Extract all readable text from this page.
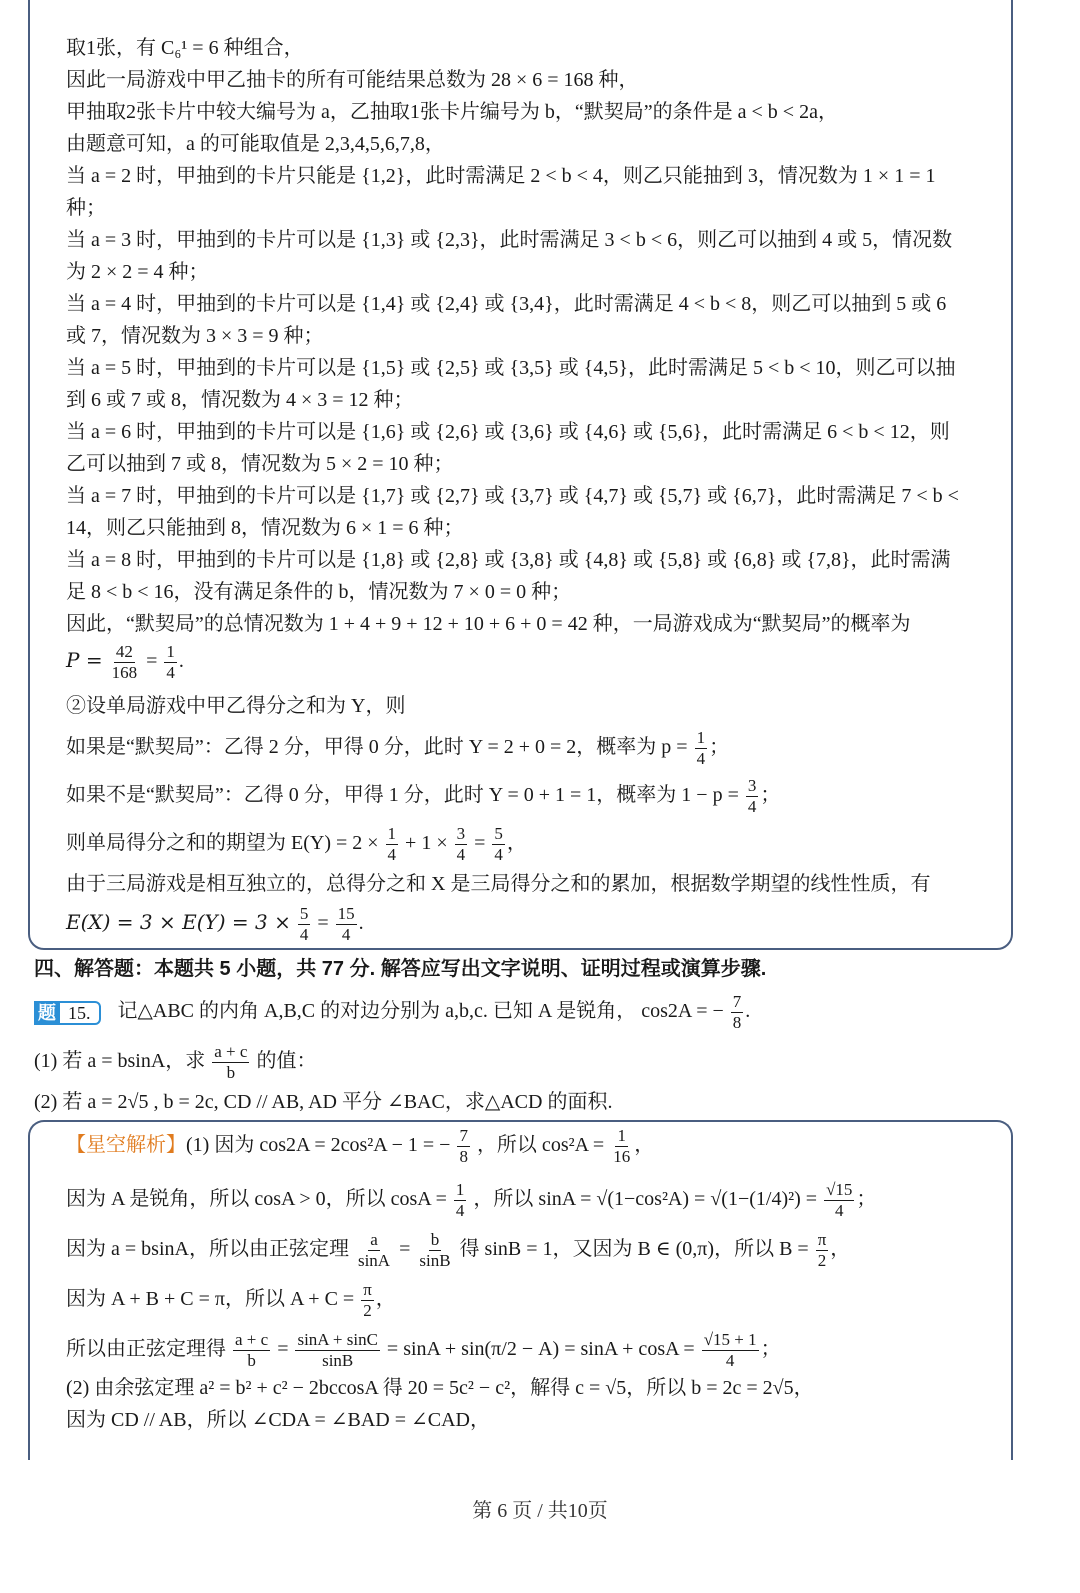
取1张，有 C₆¹ = 6 种组合，
因此一局游戏中甲乙抽卡的所有可能结果总数为 28 × 6 = 168 种，
甲抽取2张卡片中较大编号为 a，乙抽取1张卡片编号为 b，“默契局”的条件是 a < b < 2a，
由题意可知，a 的可能取值是 2,3,4,5,6,7,8，
当 a = 2 时，甲抽到的卡片只能是 {1,2}，此时需满足 2 < b < 4，则乙只能抽到 3，情况数为 1 × 1 = 1
种；
当 a = 3 时，甲抽到的卡片可以是 {1,3} 或 {2,3}，此时需满足 3 < b < 6，则乙可以抽到 4 或 5，情况数
为 2 × 2 = 4 种；
当 a = 4 时，甲抽到的卡片可以是 {1,4} 或 {2,4} 或 {3,4}，此时需满足 4 < b < 8，则乙可以抽到 5 或 6
或 7，情况数为 3 × 3 = 9 种；
当 a = 5 时，甲抽到的卡片可以是 {1,5} 或 {2,5} 或 {3,5} 或 {4,5}，此时需满足 5 < b < 10，则乙可以抽
到 6 或 7 或 8，情况数为 4 × 3 = 12 种；
当 a = 6 时，甲抽到的卡片可以是 {1,6} 或 {2,6} 或 {3,6} 或 {4,6} 或 {5,6}，此时需满足 6 < b < 12，则
乙可以抽到 7 或 8，情况数为 5 × 2 = 10 种；
当 a = 7 时，甲抽到的卡片可以是 {1,7} 或 {2,7} 或 {3,7} 或 {4,7} 或 {5,7} 或 {6,7}，此时需满足 7 < b <
14，则乙只能抽到 8，情况数为 6 × 1 = 6 种；
当 a = 8 时，甲抽到的卡片可以是 {1,8} 或 {2,8} 或 {3,8} 或 {4,8} 或 {5,8} 或 {6,8} 或 {7,8}，此时需满
足 8 < b < 16，没有满足条件的 b，情况数为 7 × 0 = 0 种；
因此，“默契局”的总情况数为 1 + 4 + 9 + 12 + 10 + 6 + 0 = 42 种，一局游戏成为“默契局”的概率为
$P = \frac{42}{168} = \frac{1}{4}$ .
②设单局游戏中甲乙得分之和为 Y，则
如果是“默契局”：乙得 2 分，甲得 0 分，此时 Y = 2 + 0 = 2，概率为 $p = \frac{1}{4}$ ；
如果不是“默契局”：乙得 0 分，甲得 1 分，此时 Y = 0 + 1 = 1，概率为 $1 - p = \frac{3}{4}$ ；
则单局得分之和的期望为 $E(Y) = 2 \times \frac{1}{4} + 1 \times \frac{3}{4} = \frac{5}{4}$ ，
由于三局游戏是相互独立的，总得分之和 X 是三局得分之和的累加，根据数学期望的线性性质，有
$E(X) = 3 \times E(Y) = 3 \times \frac{5}{4} = \frac{15}{4}$ .
四、解答题：本题共 5 小题，共 77 分. 解答应写出文字说明、证明过程或演算步骤.
题 15.	记△ABC 的内角 A,B,C 的对边分别为 a,b,c. 已知 A 是锐角， cos2A = − $\frac{7}{8}$ .
(1) 若 a = bsinA，求 $\frac{a + c}{b}$ 的值：
(2) 若 a = 2√5 , b = 2c, CD // AB, AD 平分 ∠BAC，求△ACD 的面积.
【星空解析】(1) 因为 cos2A = 2cos²A − 1 = − $\frac{7}{8}$ ，所以 $\cos^2A = \frac{1}{16}$ ，
因为 A 是锐角，所以 cosA > 0，所以 $\cos A = \frac{1}{4}$ ，所以 $\sin A = √(1-\cos^2A) = √(1-(1/4)^2) = \frac{√15}{4}$ ；
因为 a = bsinA，所以由正弦定理 $\frac{a}{\sin A} = \frac{b}{\sin B}$ 得 sinB = 1，又因为 B ∈ (0,π)，所以 $B = \frac{\pi}{2}$ ，
因为 A + B + C = π，所以 $A + C = \frac{\pi}{2}$ ，
所以由正弦定理得 $\frac{a + c}{b} = \frac{\sin A + \sin C}{\sin B} = \sin A + \sin(\pi/2 - A) = \sin A + \cos A = \frac{√15 + 1}{4}$ ；
(2) 由余弦定理 a² = b² + c² − 2bccosA 得 20 = 5c² − c²，解得 c = √5，所以 b = 2c = 2√5，
因为 CD // AB，所以 ∠CDA = ∠BAD = ∠CAD，
第 6 页 / 共10页
